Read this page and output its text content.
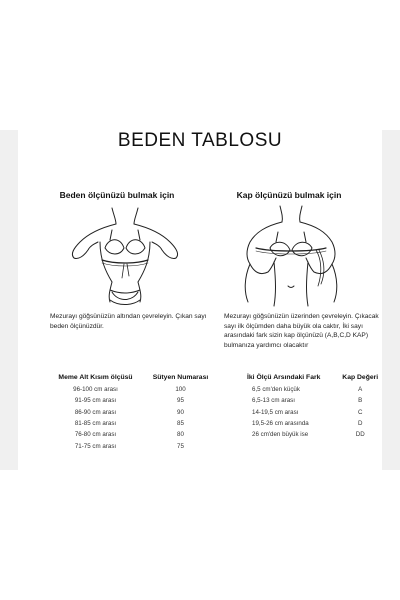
BEDEN TABLOSU

Beden ölçünüzü bulmak için

Mezurayı göğsünüzün altından çevreleyin. Çıkan sayı beden ölçünüzdür.

Kap ölçünüzü bulmak için

Mezurayı göğsünüzün üzerinden çevreleyin. Çıkacak sayı ilk ölçümden daha büyük ola caktır, İki sayı arasındaki fark sizin kap ölçünüzü (A,B,C,D KAP) bulmanıza yardımcı olacaktır

Meme Alt Kısım ölçüsü	Sütyen Numarası
96-100 cm arası	100
91-95 cm arası	95
86-90 cm arası	90
81-85 cm arası	85
76-80 cm arası	80
71-75 cm arası	75
İki Ölçü Arsındaki Fark	Kap Değeri
6,5 cm'den küçük	A
6,5-13 cm arası	B
14-19,5 cm arası	C
19,5-26 cm arasında	D
26 cm'den büyük ise	DD
